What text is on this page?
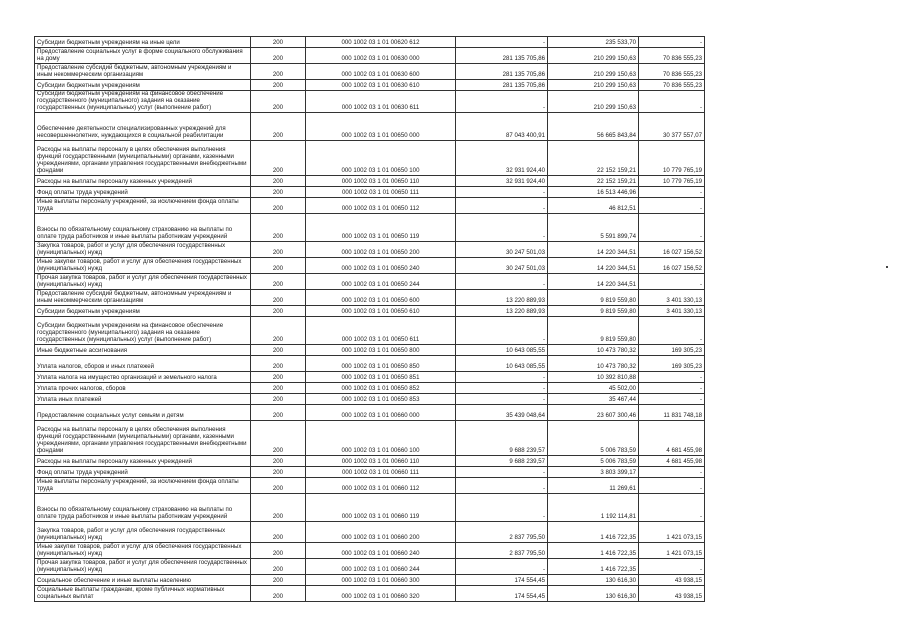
Субсидии бюджетным учреждениям на иные цели	200	000 1002 03 1 01 00620 612	-	235 533,70	-
Предоставление социальных услуг в форме социального обслуживания на дому	200	000 1002 03 1 01 00630 000	281 135 705,86	210 299 150,63	70 836 555,23
Предоставление субсидий бюджетным, автономным учреждениям и иным некоммерческим организациям	200	000 1002 03 1 01 00630 600	281 135 705,86	210 299 150,63	70 836 555,23
Субсидии бюджетным учреждениям	200	000 1002 03 1 01 00630 610	281 135 705,86	210 299 150,63	70 836 555,23
Субсидии бюджетным учреждениям на финансовое обеспечение государственного (муниципального) задания на оказание государственных (муниципальных) услуг (выполнение работ)	200	000 1002 03 1 01 00630 611	-	210 299 150,63	-
Обеспечение деятельности специализированных учреждений для несовершеннолетних, нуждающихся в социальной реабилитации	200	000 1002 03 1 01 00650 000	87 043 400,91	56 665 843,84	30 377 557,07
Расходы на выплаты персоналу в целях обеспечения выполнения функций государственными (муниципальными) органами, казенными учреждениями, органами управления государственными внебюджетными фондами	200	000 1002 03 1 01 00650 100	32 931 924,40	22 152 159,21	10 779 765,19
Расходы на выплаты персоналу казенных учреждений	200	000 1002 03 1 01 00650 110	32 931 924,40	22 152 159,21	10 779 765,19
Фонд оплаты труда учреждений	200	000 1002 03 1 01 00650 111	-	16 513 446,96	-
Иные выплаты персоналу учреждений, за исключением фонда оплаты труда	200	000 1002 03 1 01 00650 112	-	46 812,51	-
Взносы по обязательному социальному страхованию на выплаты по оплате труда работников и иные выплаты работникам учреждений	200	000 1002 03 1 01 00650 119	-	5 591 899,74	-
Закупка товаров, работ и услуг для обеспечения государственных (муниципальных) нужд	200	000 1002 03 1 01 00650 200	30 247 501,03	14 220 344,51	16 027 156,52
Иные закупки товаров, работ и услуг для обеспечения государственных (муниципальных) нужд	200	000 1002 03 1 01 00650 240	30 247 501,03	14 220 344,51	16 027 156,52
Прочая закупка товаров, работ и услуг для обеспечения государственных (муниципальных) нужд	200	000 1002 03 1 01 00650 244	-	14 220 344,51	-
Предоставление субсидий бюджетным, автономным учреждениям и иным некоммерческим организациям	200	000 1002 03 1 01 00650 600	13 220 889,93	9 819 559,80	3 401 330,13
Субсидии бюджетным учреждениям	200	000 1002 03 1 01 00650 610	13 220 889,93	9 819 559,80	3 401 330,13
Субсидии бюджетным учреждениям на финансовое обеспечение государственного (муниципального) задания на оказание государственных (муниципальных) услуг (выполнение работ)	200	000 1002 03 1 01 00650 611	-	9 819 559,80	-
Иные бюджетные ассигнования	200	000 1002 03 1 01 00650 800	10 643 085,55	10 473 780,32	169 305,23
Уплата налогов, сборов и иных платежей	200	000 1002 03 1 01 00650 850	10 643 085,55	10 473 780,32	169 305,23
Уплата налога на имущество организаций и земельного налога	200	000 1002 03 1 01 00650 851	-	10 392 810,88	-
Уплата прочих налогов, сборов	200	000 1002 03 1 01 00650 852	-	45 502,00	-
Уплата иных платежей	200	000 1002 03 1 01 00650 853	-	35 467,44	-
Предоставление социальных услуг семьям и детям	200	000 1002 03 1 01 00660 000	35 439 048,64	23 607 300,46	11 831 748,18
Расходы на выплаты персоналу в целях обеспечения выполнения функций государственными (муниципальными) органами, казенными учреждениями, органами управления государственными внебюджетными фондами	200	000 1002 03 1 01 00660 100	9 688 239,57	5 006 783,59	4 681 455,98
Расходы на выплаты персоналу казенных учреждений	200	000 1002 03 1 01 00660 110	9 688 239,57	5 006 783,59	4 681 455,98
Фонд оплаты труда учреждений	200	000 1002 03 1 01 00660 111	-	3 803 399,17	-
Иные выплаты персоналу учреждений, за исключением фонда оплаты труда	200	000 1002 03 1 01 00660 112	-	11 269,61	-
Взносы по обязательному социальному страхованию на выплаты по оплате труда работников и иные выплаты работникам учреждений	200	000 1002 03 1 01 00660 119	-	1 192 114,81	-
Закупка товаров, работ и услуг для обеспечения государственных (муниципальных) нужд	200	000 1002 03 1 01 00660 200	2 837 795,50	1 416 722,35	1 421 073,15
Иные закупки товаров, работ и услуг для обеспечения государственных (муниципальных) нужд	200	000 1002 03 1 01 00660 240	2 837 795,50	1 416 722,35	1 421 073,15
Прочая закупка товаров, работ и услуг для обеспечения государственных (муниципальных) нужд	200	000 1002 03 1 01 00660 244	-	1 416 722,35	-
Социальное обеспечение и иные выплаты населению	200	000 1002 03 1 01 00660 300	174 554,45	130 616,30	43 938,15
Социальные выплаты гражданам, кроме публичных нормативных социальных выплат	200	000 1002 03 1 01 00660 320	174 554,45	130 616,30	43 938,15
